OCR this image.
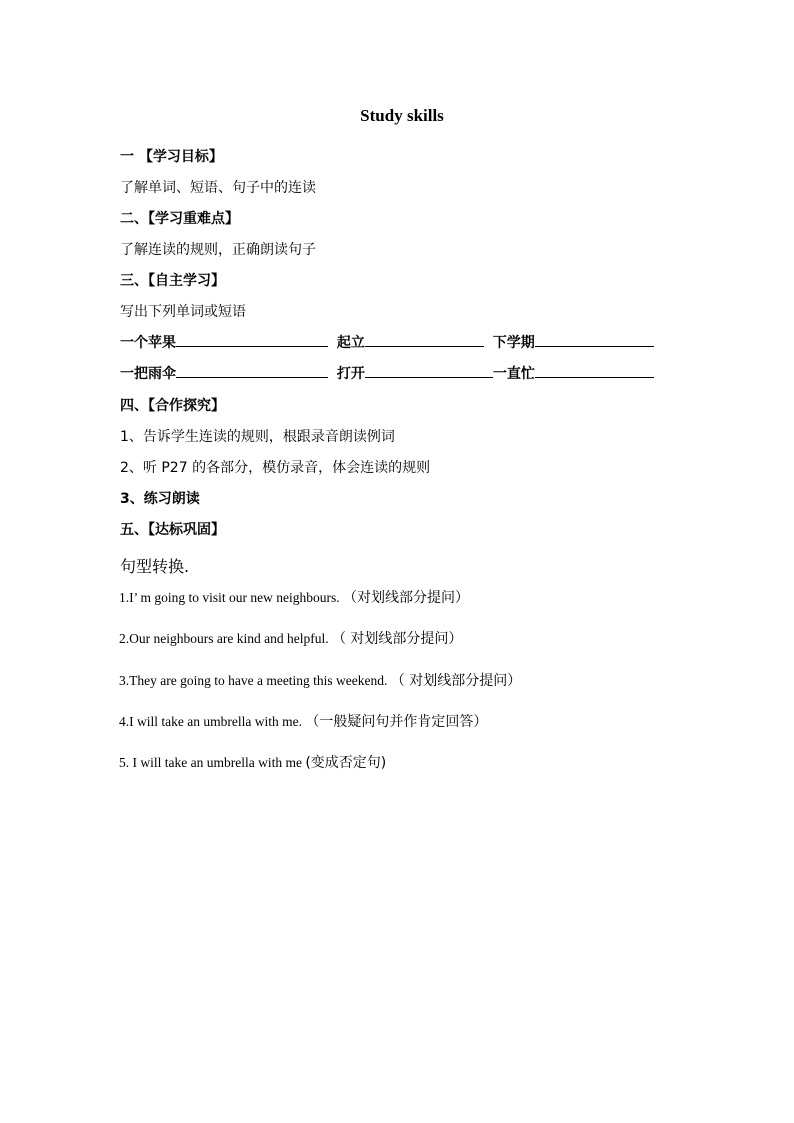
Study skills
一 【学习目标】
了解单词、短语、句子中的连读
二、【学习重难点】
了解连读的规则，正确朗读句子
三、【自主学习】
写出下列单词或短语
一个苹果	起立	下学期
一把雨伞	打开	一直忙
四、【合作探究】
1、告诉学生连读的规则，根跟录音朗读例词
2、听 P27 的各部分，模仿录音，体会连读的规则
3、练习朗读
五、【达标巩固】
句型转换.
1.I’ m going to visit our new neighbours. （对划线部分提问）
2.Our neighbours are kind and helpful. （ 对划线部分提问）
3.They are going to have a meeting this weekend. （ 对划线部分提问）
4.I will take an umbrella with me. （一般疑问句并作肯定回答）
5. I will take an umbrella with me (变成否定句)
